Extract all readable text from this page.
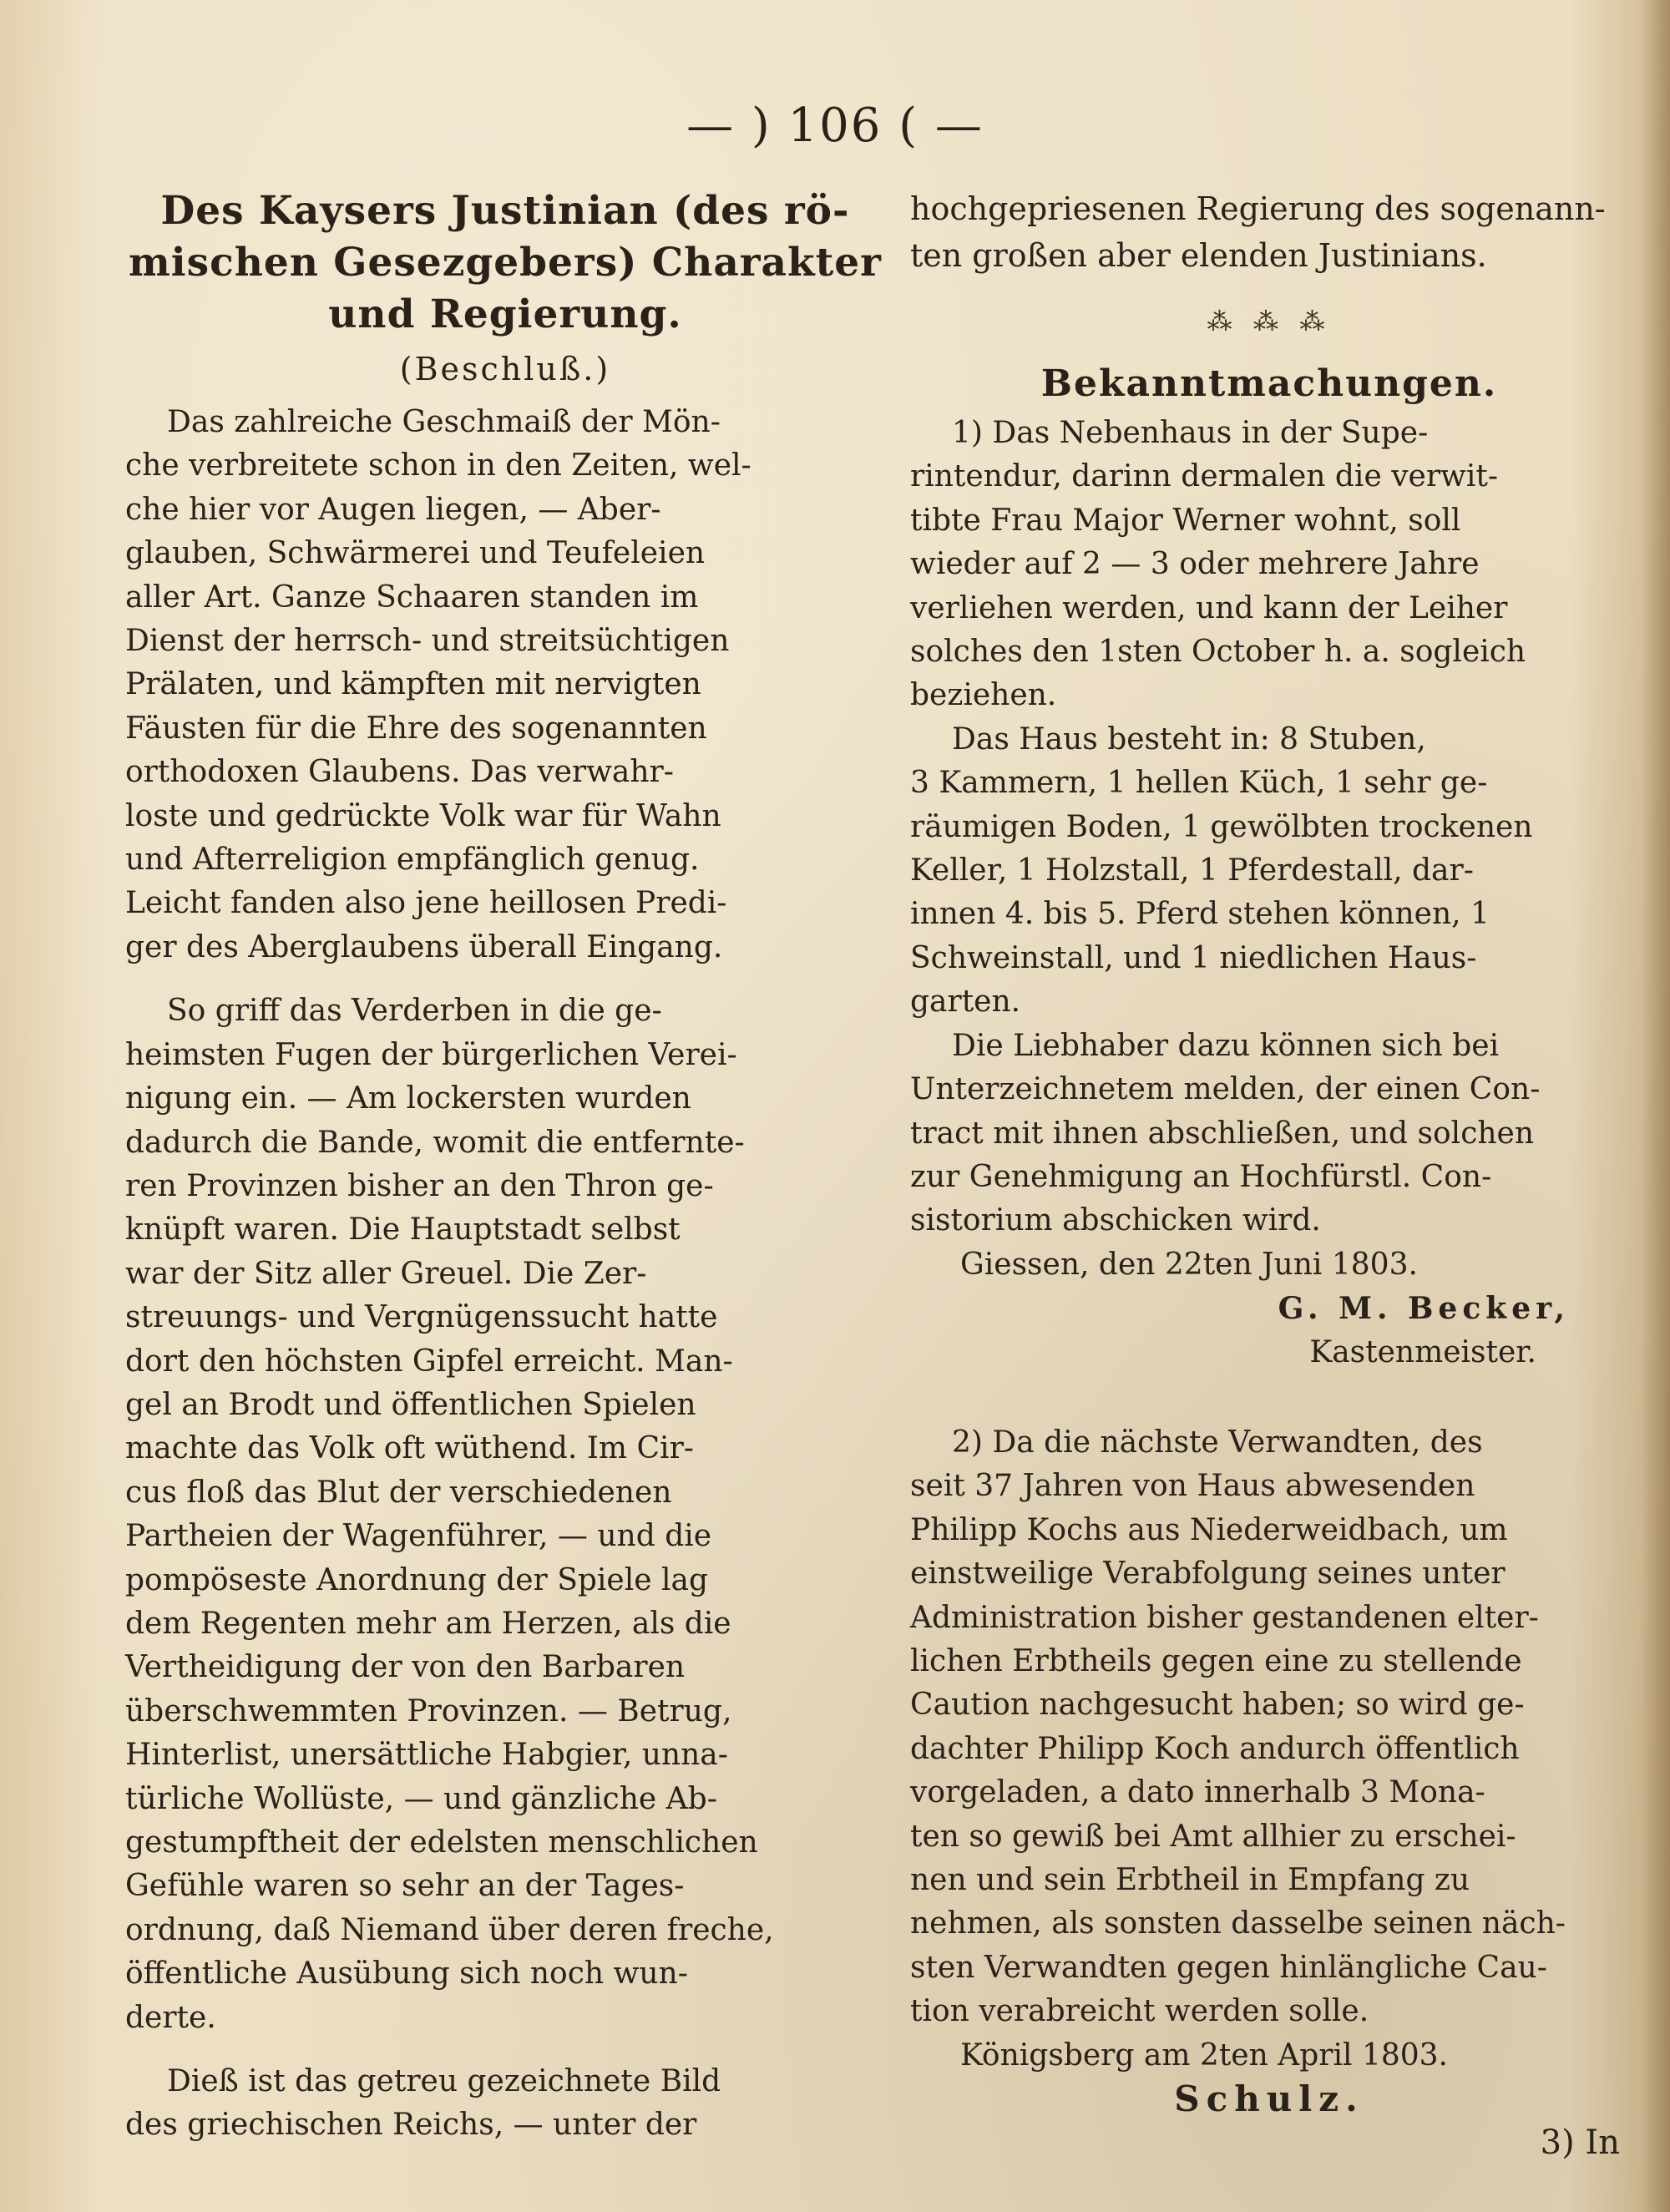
— ) 106 ( —
Des Kaysers Justinian (des rö-
mischen Gesezgebers) Charakter
und Regierung.
(Beschluß.)
Das zahlreiche Geschmaiß der Mön-
che verbreitete schon in den Zeiten, wel-
che hier vor Augen liegen, — Aber-
glauben, Schwärmerei und Teufeleien
aller Art. Ganze Schaaren standen im
Dienst der herrsch- und streitsüchtigen
Prälaten, und kämpften mit nervigten
Fäusten für die Ehre des sogenannten
orthodoxen Glaubens. Das verwahr-
loste und gedrückte Volk war für Wahn
und Afterreligion empfänglich genug.
Leicht fanden also jene heillosen Predi-
ger des Aberglaubens überall Eingang.
So griff das Verderben in die ge-
heimsten Fugen der bürgerlichen Verei-
nigung ein. — Am lockersten wurden
dadurch die Bande, womit die entfernte-
ren Provinzen bisher an den Thron ge-
knüpft waren. Die Hauptstadt selbst
war der Sitz aller Greuel. Die Zer-
streuungs- und Vergnügenssucht hatte
dort den höchsten Gipfel erreicht. Man-
gel an Brodt und öffentlichen Spielen
machte das Volk oft wüthend. Im Cir-
cus floß das Blut der verschiedenen
Partheien der Wagenführer, — und die
pompöseste Anordnung der Spiele lag
dem Regenten mehr am Herzen, als die
Vertheidigung der von den Barbaren
überschwemmten Provinzen. — Betrug,
Hinterlist, unersättliche Habgier, unna-
türliche Wollüste, — und gänzliche Ab-
gestumpftheit der edelsten menschlichen
Gefühle waren so sehr an der Tages-
ordnung, daß Niemand über deren freche,
öffentliche Ausübung sich noch wun-
derte.
Dieß ist das getreu gezeichnete Bild
des griechischen Reichs, — unter der
hochgepriesenen Regierung des sogenann-
ten großen aber elenden Justinians.
⁂ ⁂ ⁂
Bekanntmachungen.
1) Das Nebenhaus in der Supe-
rintendur, darinn dermalen die verwit-
tibte Frau Major Werner wohnt, soll
wieder auf 2 — 3 oder mehrere Jahre
verliehen werden, und kann der Leiher
solches den 1sten October h. a. sogleich
beziehen.
Das Haus besteht in: 8 Stuben,
3 Kammern, 1 hellen Küch, 1 sehr ge-
räumigen Boden, 1 gewölbten trockenen
Keller, 1 Holzstall, 1 Pferdestall, dar-
innen 4. bis 5. Pferd stehen können, 1
Schweinstall, und 1 niedlichen Haus-
garten.
Die Liebhaber dazu können sich bei
Unterzeichnetem melden, der einen Con-
tract mit ihnen abschließen, und solchen
zur Genehmigung an Hochfürstl. Con-
sistorium abschicken wird.
Giessen, den 22ten Juni 1803.
G. M. Becker,
Kastenmeister.
2) Da die nächste Verwandten, des
seit 37 Jahren von Haus abwesenden
Philipp Kochs aus Niederweidbach, um
einstweilige Verabfolgung seines unter
Administration bisher gestandenen elter-
lichen Erbtheils gegen eine zu stellende
Caution nachgesucht haben; so wird ge-
dachter Philipp Koch andurch öffentlich
vorgeladen, a dato innerhalb 3 Mona-
ten so gewiß bei Amt allhier zu erschei-
nen und sein Erbtheil in Empfang zu
nehmen, als sonsten dasselbe seinen näch-
sten Verwandten gegen hinlängliche Cau-
tion verabreicht werden solle.
Königsberg am 2ten April 1803.
Schulz.
3) In
